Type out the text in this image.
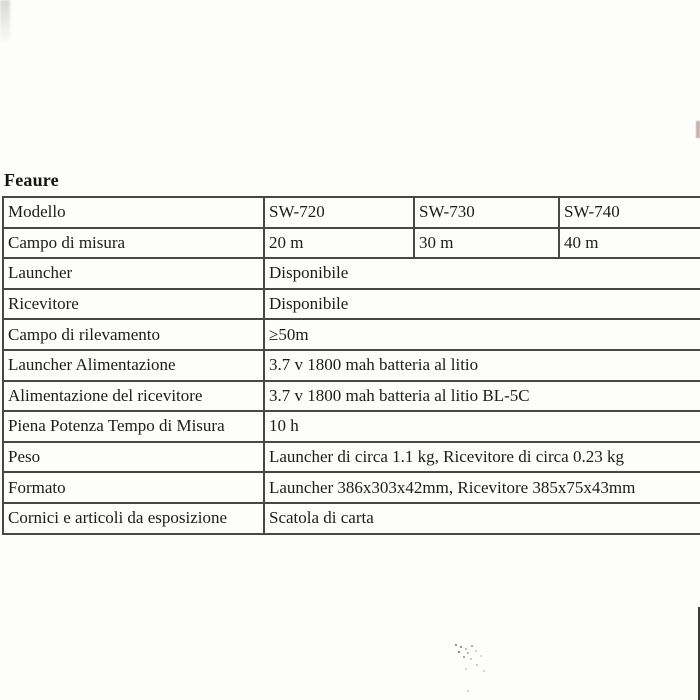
Feaure
Modello	SW-720	SW-730	SW-740
Campo di misura	20 m	30 m	40 m
Launcher	Disponibile		
Ricevitore	Disponibile		
Campo di rilevamento	≥50m		
Launcher Alimentazione	3.7 v 1800 mah batteria al litio		
Alimentazione del ricevitore	3.7 v 1800 mah batteria al litio BL-5C		
Piena Potenza Tempo di Misura	10 h		
Peso	Launcher di circa 1.1 kg, Ricevitore di circa 0.23 kg		
Formato	Launcher 386x303x42mm, Ricevitore 385x75x43mm		
Cornici e articoli da esposizione	Scatola di carta		
